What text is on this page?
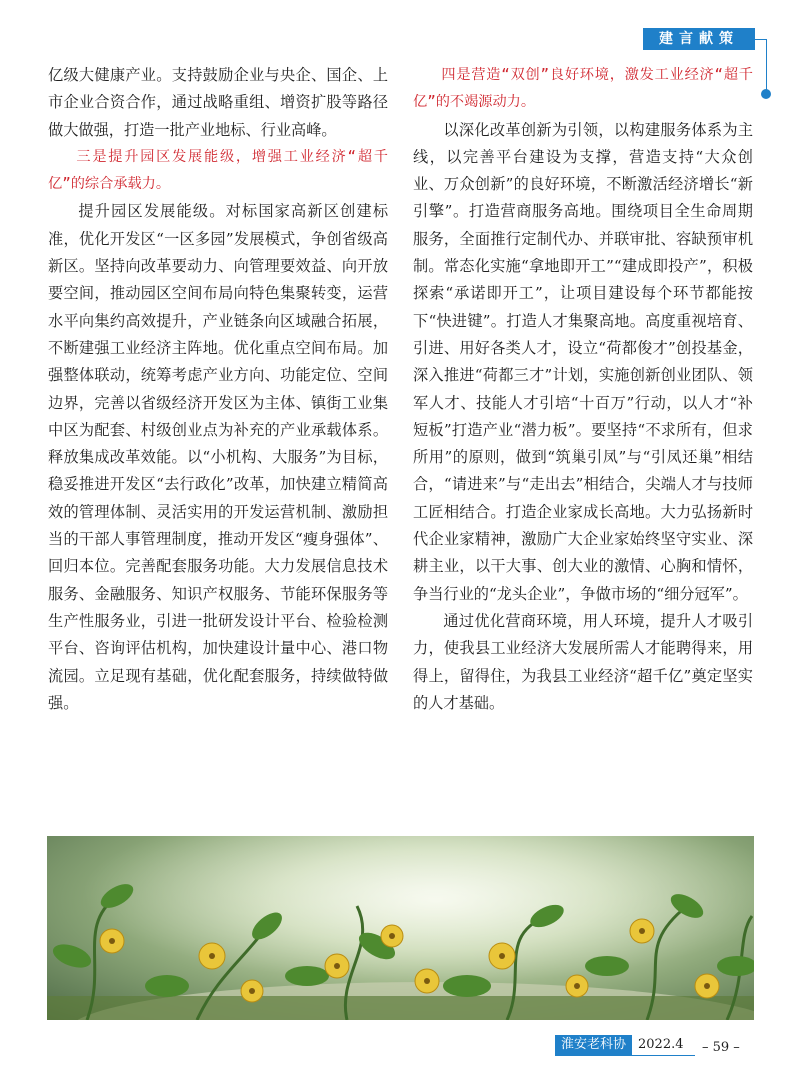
建言献策

亿级大健康产业。支持鼓励企业与央企、国企、上市企业合资合作，通过战略重组、增资扩股等路径做大做强，打造一批产业地标、行业高峰。

三是提升园区发展能级，增强工业经济“超千亿”的综合承载力。

提升园区发展能级。对标国家高新区创建标准，优化开发区“一区多园”发展模式，争创省级高新区。坚持向改革要动力、向管理要效益、向开放要空间，推动园区空间布局向特色集聚转变，运营水平向集约高效提升，产业链条向区域融合拓展，不断建强工业经济主阵地。优化重点空间布局。加强整体联动，统筹考虑产业方向、功能定位、空间边界，完善以省级经济开发区为主体、镇街工业集中区为配套、村级创业点为补充的产业承载体系。释放集成改革效能。以“小机构、大服务”为目标，稳妥推进开发区“去行政化”改革，加快建立精简高效的管理体制、灵活实用的开发运营机制、激励担当的干部人事管理制度，推动开发区“瘦身强体”、回归本位。完善配套服务功能。大力发展信息技术服务、金融服务、知识产权服务、节能环保服务等生产性服务业，引进一批研发设计平台、检验检测平台、咨询评估机构，加快建设计量中心、港口物流园。立足现有基础，优化配套服务，持续做特做强。

四是营造“双创”良好环境，激发工业经济“超千亿”的不竭源动力。

以深化改革创新为引领，以构建服务体系为主线，以完善平台建设为支撑，营造支持“大众创业、万众创新”的良好环境，不断激活经济增长“新引擎”。打造营商服务高地。围绕项目全生命周期服务，全面推行定制代办、并联审批、容缺预审机制。常态化实施“拿地即开工”“建成即投产”，积极探索“承诺即开工”，让项目建设每个环节都能按下“快进键”。打造人才集聚高地。高度重视培育、引进、用好各类人才，设立“荷都俊才”创投基金，深入推进“荷都三才”计划，实施创新创业团队、领军人才、技能人才引培“十百万”行动，以人才“补短板”打造产业“潜力板”。要坚持“不求所有，但求所用”的原则，做到“筑巢引凤”与“引凤还巢”相结合，“请进来”与“走出去”相结合，尖端人才与技师工匠相结合。打造企业家成长高地。大力弘扬新时代企业家精神，激励广大企业家始终坚守实业、深耕主业，以干大事、创大业的激情、心胸和情怀，争当行业的“龙头企业”，争做市场的“细分冠军”。

通过优化营商环境，用人环境，提升人才吸引力，使我县工业经济大发展所需人才能聘得来，用得上，留得住，为我县工业经济“超千亿”奠定坚实的人才基础。

淮安老科协 2022.4	– 59 –
